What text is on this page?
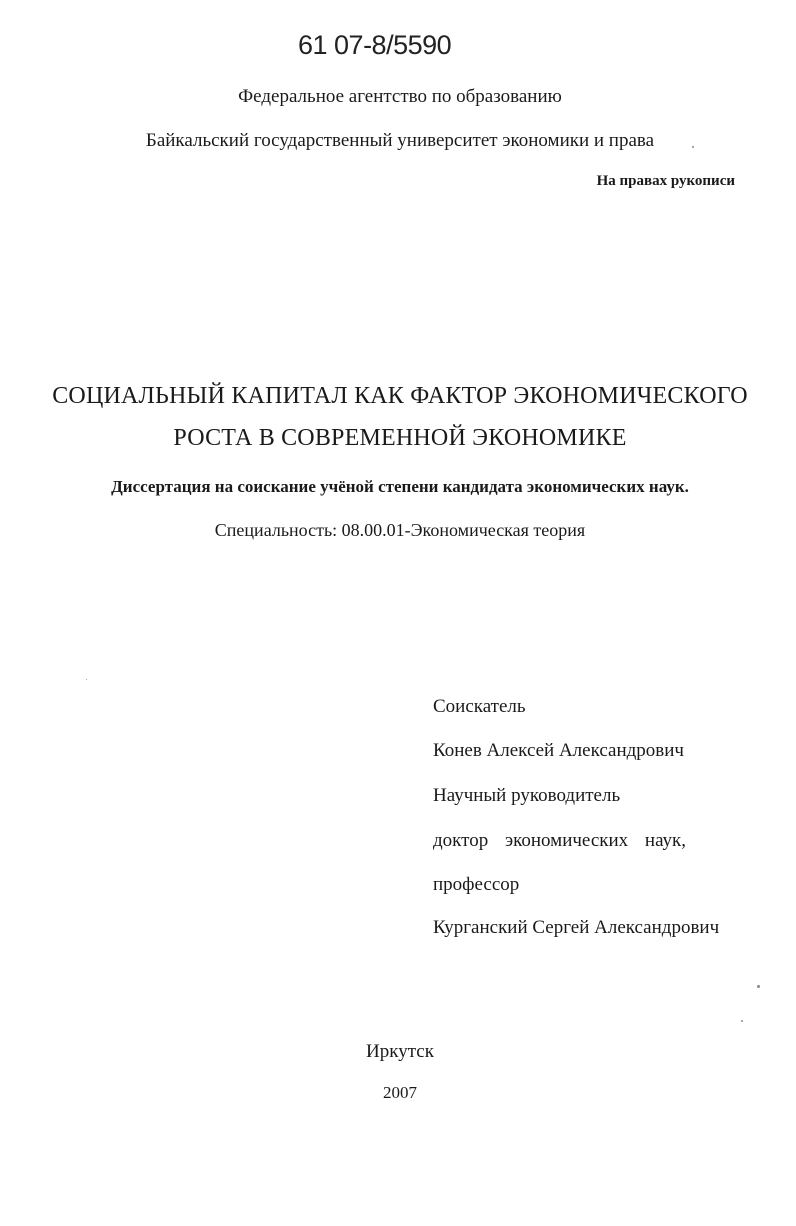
61 07-8/5590
Федеральное агентство по образованию
Байкальский государственный университет экономики и права
На правах рукописи
СОЦИАЛЬНЫЙ КАПИТАЛ КАК ФАКТОР ЭКОНОМИЧЕСКОГО
РОСТА В СОВРЕМЕННОЙ ЭКОНОМИКЕ
Диссертация на соискание учёной степени кандидата экономических наук.
Специальность: 08.00.01-Экономическая теория
Соискатель
Конев Алексей Александрович
Научный руководитель
доктор экономических наук,
профессор
Курганский Сергей Александрович
Иркутск
2007
